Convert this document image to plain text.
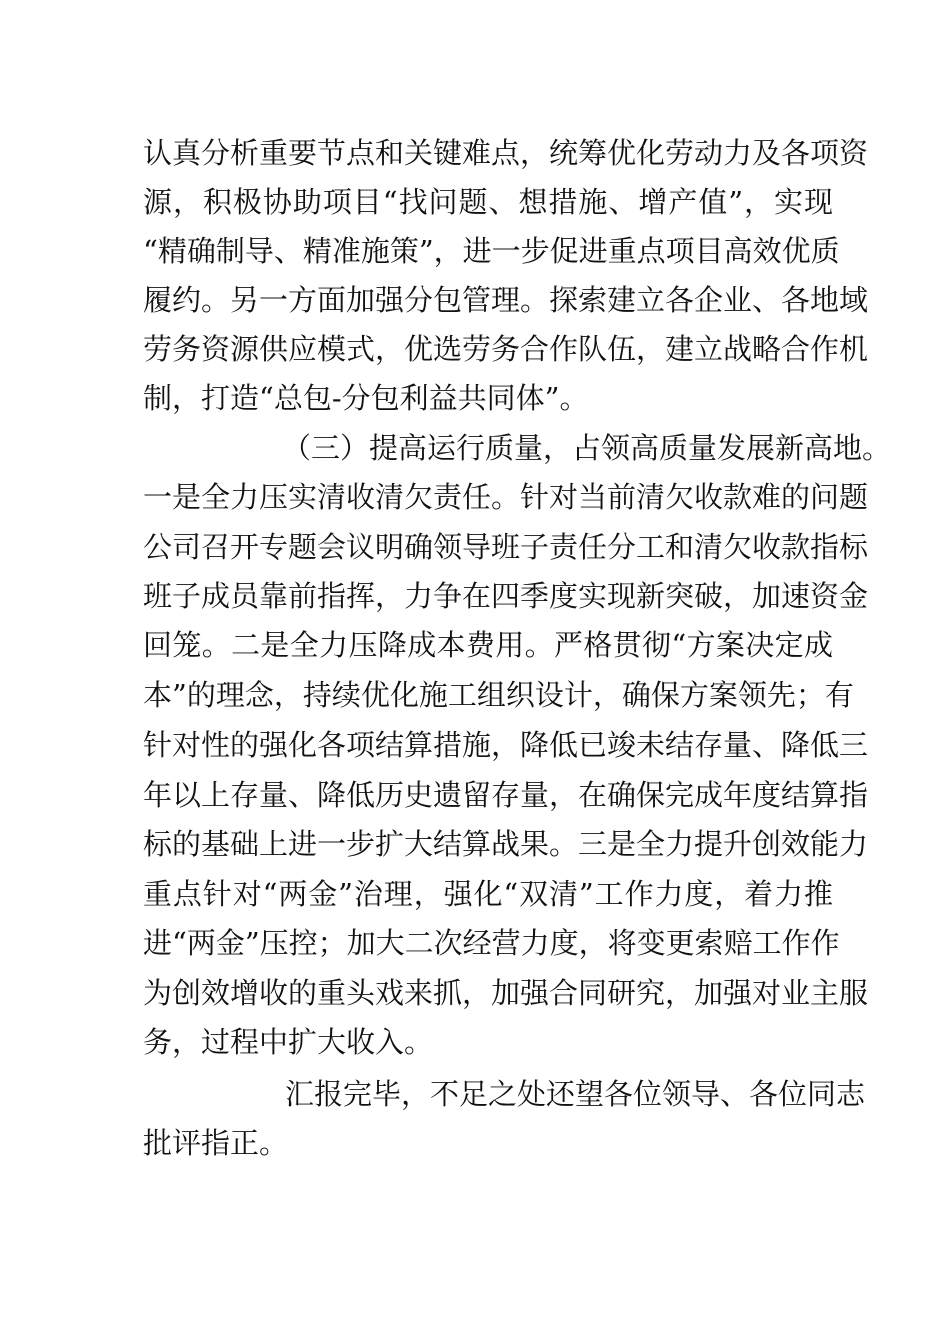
认真分析重要节点和关键难点，统筹优化劳动力及各项资
源，积极协助项目“找问题、想措施、增产值”，实现
“精确制导、精准施策”，进一步促进重点项目高效优质
履约。另一方面加强分包管理。探索建立各企业、各地域
劳务资源供应模式，优选劳务合作队伍，建立战略合作机
制，打造“总包-分包利益共同体”。
（三）提高运行质量，占领高质量发展新高地。
一是全力压实清收清欠责任。针对当前清欠收款难的问题
公司召开专题会议明确领导班子责任分工和清欠收款指标
班子成员靠前指挥，力争在四季度实现新突破，加速资金
回笼。二是全力压降成本费用。严格贯彻“方案决定成
本”的理念，持续优化施工组织设计，确保方案领先；有
针对性的强化各项结算措施，降低已竣未结存量、降低三
年以上存量、降低历史遗留存量，在确保完成年度结算指
标的基础上进一步扩大结算战果。三是全力提升创效能力
重点针对“两金”治理，强化“双清”工作力度，着力推
进“两金”压控；加大二次经营力度，将变更索赔工作作
为创效增收的重头戏来抓，加强合同研究，加强对业主服
务，过程中扩大收入。
汇报完毕，不足之处还望各位领导、各位同志
批评指正。
